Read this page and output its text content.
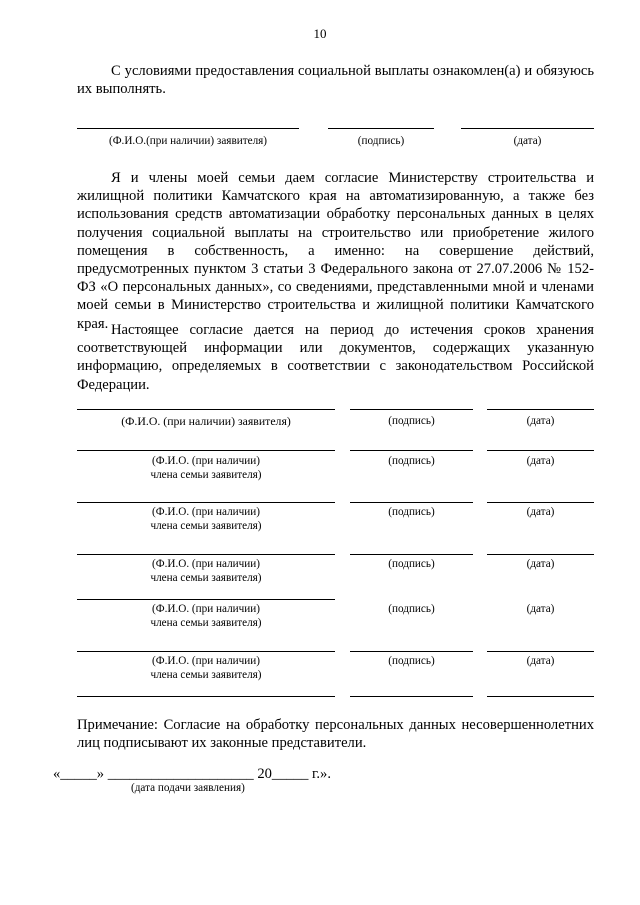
10
С условиями предоставления социальной выплаты ознакомлен(а) и обязуюсь их выполнять.
(Ф.И.О.(при наличии) заявителя)	(подпись)	(дата)
Я и члены моей семьи даем согласие Министерству строительства и жилищной политики Камчатского края на автоматизированную, а также без использования средств автоматизации обработку персональных данных в целях получения социальной выплаты на строительство или приобретение жилого помещения в собственность, а именно: на совершение действий, предусмотренных пунктом 3 статьи 3 Федерального закона от 27.07.2006 № 152-ФЗ «О персональных данных», со сведениями, представленными мной и членами моей семьи в Министерство строительства и жилищной политики Камчатского края. Настоящее согласие дается на период до истечения сроков хранения соответствующей информации или документов, содержащих указанную информацию, определяемых в соответствии с законодательством Российской Федерации.
(Ф.И.О. (при наличии) заявителя)	(подпись)	(дата)
(Ф.И.О. (при наличии)
члена семьи заявителя)
(подпись)	(дата)
(Ф.И.О. (при наличии)
члена семьи заявителя)
(подпись)	(дата)
(Ф.И.О. (при наличии)
члена семьи заявителя)
(подпись)	(дата)
(Ф.И.О. (при наличии)
члена семьи заявителя)
(подпись)	(дата)
(Ф.И.О. (при наличии)
члена семьи заявителя)
(подпись)	(дата)
Примечание: Согласие на обработку персональных данных несовершеннолетних лиц подписывают их законные представители.
«_____» ____________________ 20_____ г.».
(дата подачи заявления)
